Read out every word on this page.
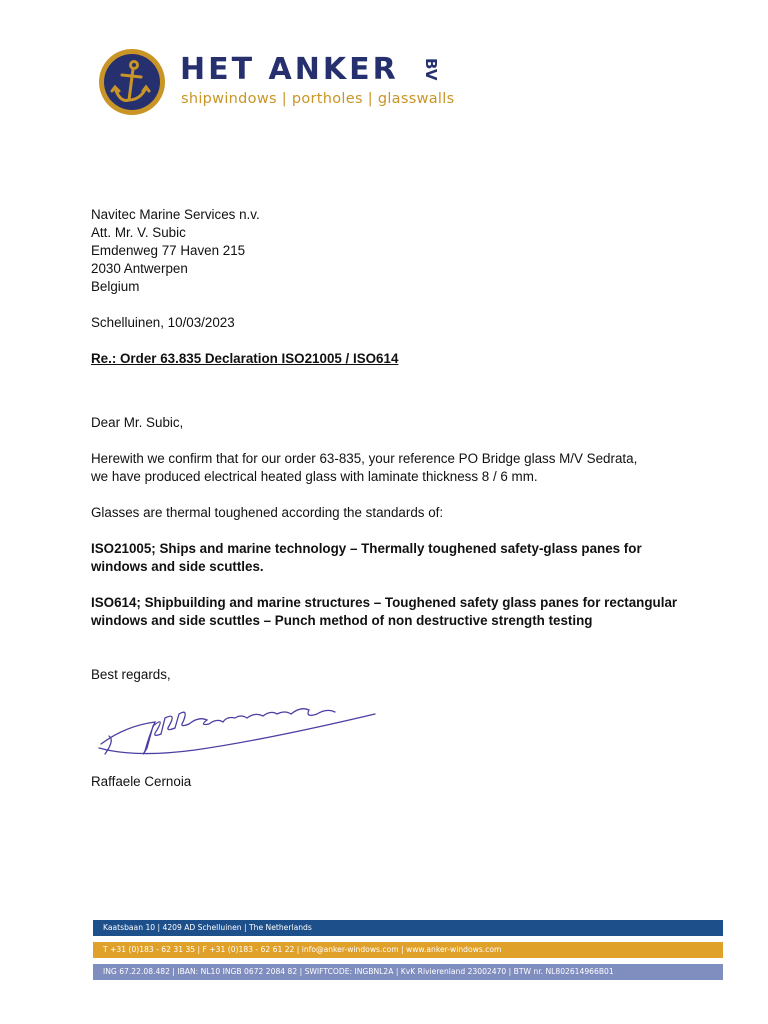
HET ANKER BV
shipwindows | portholes | glasswalls
Navitec Marine Services n.v.
Att. Mr. V. Subic
Emdenweg 77 Haven 215
2030 Antwerpen
Belgium
Schelluinen, 10/03/2023
Re.: Order 63.835 Declaration ISO21005 / ISO614
Dear Mr. Subic,
Herewith we confirm that for our order 63-835, your reference PO Bridge glass M/V Sedrata,
we have produced electrical heated glass with laminate thickness 8 / 6 mm.
Glasses are thermal toughened according the standards of:
ISO21005; Ships and marine technology – Thermally toughened safety-glass panes for
windows and side scuttles.
ISO614; Shipbuilding and marine structures – Toughened safety glass panes for rectangular
windows and side scuttles – Punch method of non destructive strength testing
Best regards,
Raffaele Cernoia
Kaatsbaan 10 | 4209 AD Schelluinen | The Netherlands
T +31 (0)183 - 62 31 35 | F +31 (0)183 - 62 61 22 | info@anker-windows.com | www.anker-windows.com
ING 67.22.08.482 | IBAN: NL10 INGB 0672 2084 82 | SWIFTCODE: INGBNL2A | KvK Rivierenland 23002470 | BTW nr. NL802614966B01
